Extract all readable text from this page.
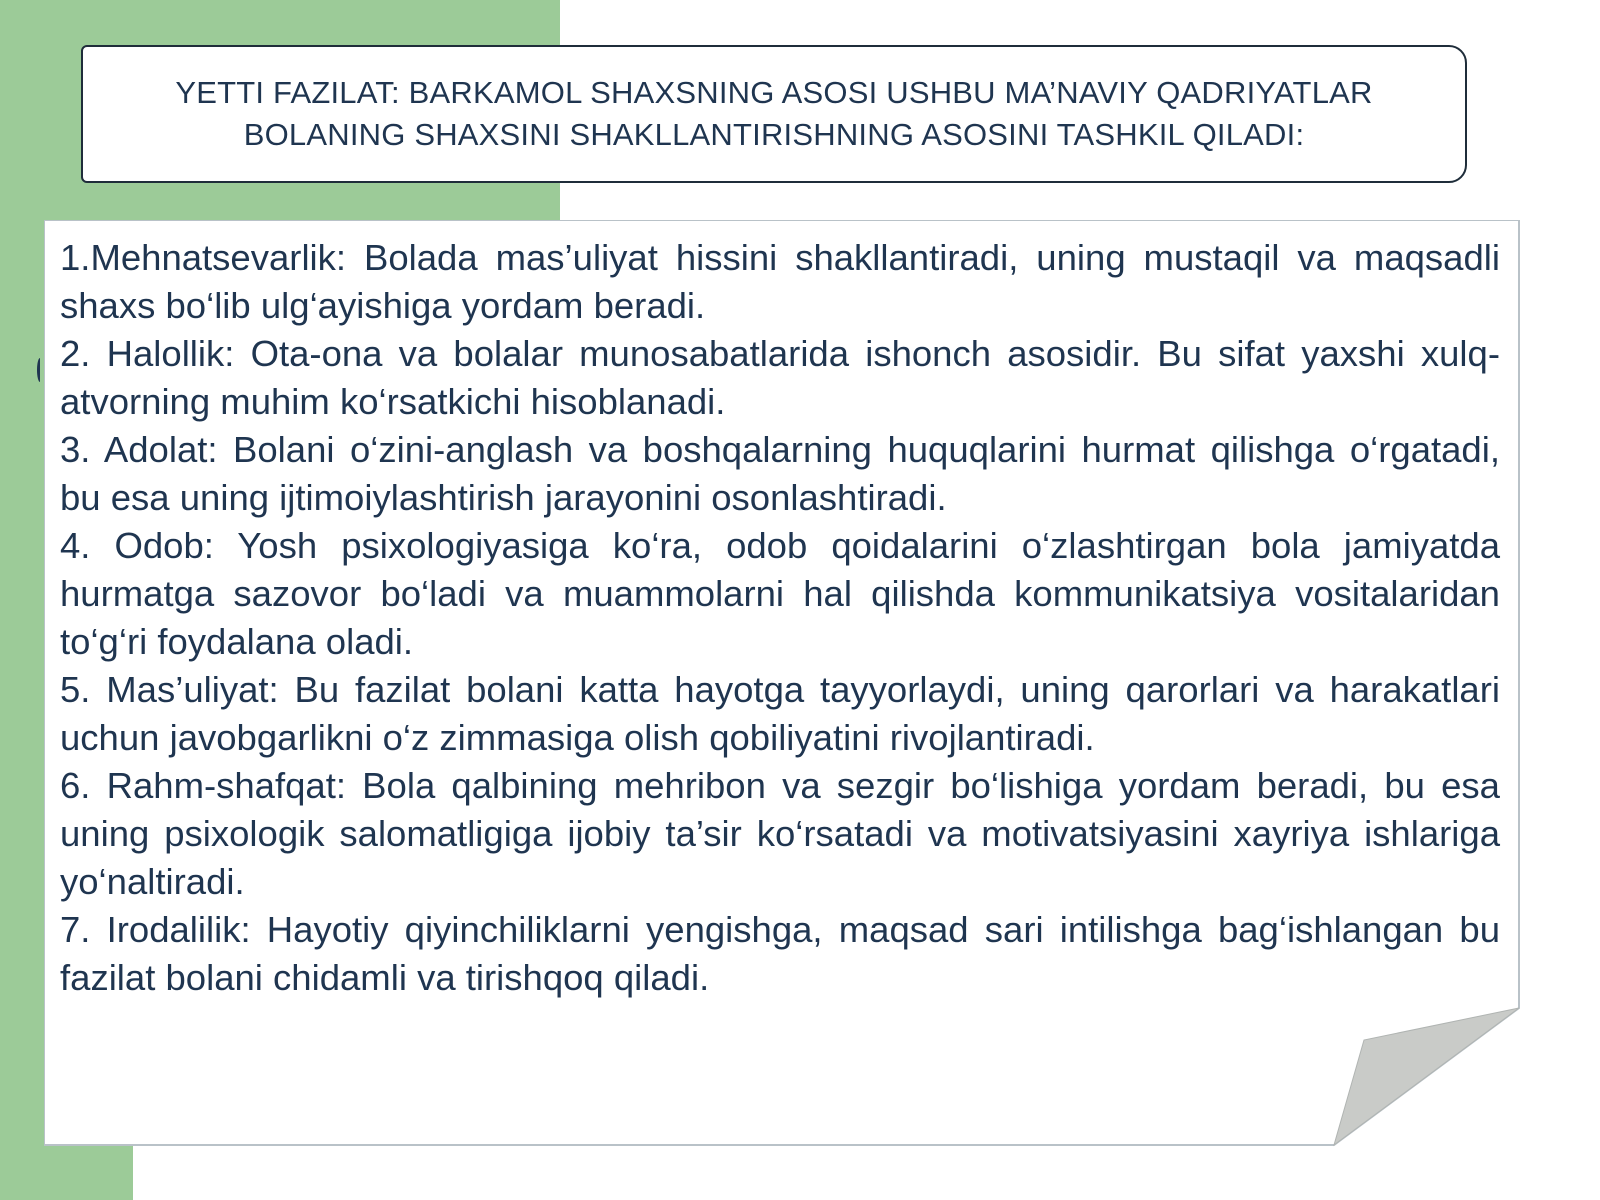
YETTI FAZILAT: BARKAMOL SHAXSNING ASOSI USHBU MA’NAVIY QADRIYATLAR BOLANING SHAXSINI SHAKLLANTIRISHNING ASOSINI TASHKIL QILADI:
1.Mehnatsevarlik: Bolada mas’uliyat hissini shakllantiradi, uning mustaqil va maqsadli shaxs bo‘lib ulg‘ayishiga yordam beradi.
2. Halollik: Ota-ona va bolalar munosabatlarida ishonch asosidir. Bu sifat yaxshi xulq-atvorning muhim ko‘rsatkichi hisoblanadi.
3. Adolat: Bolani o‘zini-anglash va boshqalarning huquqlarini hurmat qilishga o‘rgatadi, bu esa uning ijtimoiylashtirish jarayonini osonlashtiradi.
4. Odob: Yosh psixologiyasiga ko‘ra, odob qoidalarini o‘zlashtirgan bola jamiyatda hurmatga sazovor bo‘ladi va muammolarni hal qilishda kommunikatsiya vositalaridan to‘g‘ri foydalana oladi.
5. Mas’uliyat: Bu fazilat bolani katta hayotga tayyorlaydi, uning qarorlari va harakatlari uchun javobgarlikni o‘z zimmasiga olish qobiliyatini rivojlantiradi.
6. Rahm-shafqat: Bola qalbining mehribon va sezgir bo‘lishiga yordam beradi, bu esa uning psixologik salomatligiga ijobiy ta’sir ko‘rsatadi va motivatsiyasini xayriya ishlariga yo‘naltiradi.
7. Irodalilik: Hayotiy qiyinchiliklarni yengishga, maqsad sari intilishga bag‘ishlangan bu fazilat bolani chidamli va tirishqoq qiladi.
